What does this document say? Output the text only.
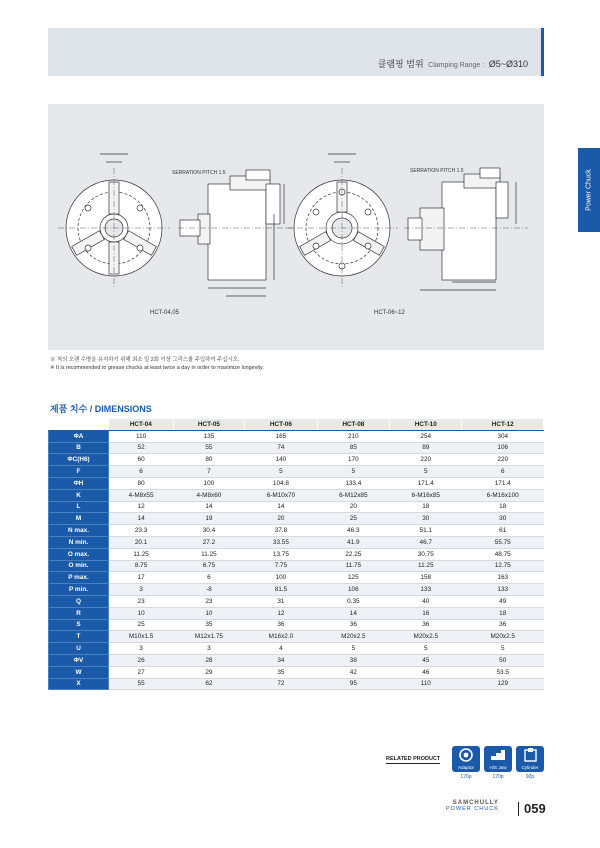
클램핑 범위 Clamping Range : Ø5~Ø310
Power Chuck
SERRATION PITCH 1.5
HCT-04,05
SERRATION PITCH 1.5
HCT-06~12
※ 척의 오랜 수명을 유지하기 위해 최소 일 2회 이상 그리스를 주입하여 주십시오.
※ It is recommended to grease chucks at least twice a day in order to maximize longevity.
제품 치수 / DIMENSIONS
	HCT-04	HCT-05	HCT-06	HCT-08	HCT-10	HCT-12
ΦA	110	135	165	210	254	304
B	52	55	74	85	89	106
ΦC(H6)	60	80	140	170	220	220
F	6	7	5	5	5	6
ΦH	80	100	104.8	133.4	171.4	171.4
K	4-M8x55	4-M8x60	6-M10x70	6-M12x85	6-M16x85	6-M16x100
L	12	14	14	20	18	18
M	14	19	20	25	30	30
N max.	23.3	30.4	37.8	46.3	51.1	61
N min.	20.1	27.2	33.55	41.9	46.7	55.75
O max.	11.25	11.25	13.75	22.25	30.75	48.75
O min.	8.75	6.75	7.75	11.75	11.25	12.75
P max.	17	6	100	125	158	163
P min.	3	-8	81.5	106	133	133
Q	23	23	31	0.35	40	49
R	10	10	12	14	16	18
S	25	35	36	36	36	36
T	M10x1.5	M12x1.75	M16x2.0	M20x2.5	M20x2.5	M20x2.5
U	3	3	4	5	5	5
ΦV	26	28	34	38	45	50
W	27	29	35	42	46	53.5
X	55	62	72	95	110	129
RELATED PRODUCT
Adaptor
176p
H/S Jaw
170p
Cylinder
92p
SAMCHULLY
POWER CHUCK	059
